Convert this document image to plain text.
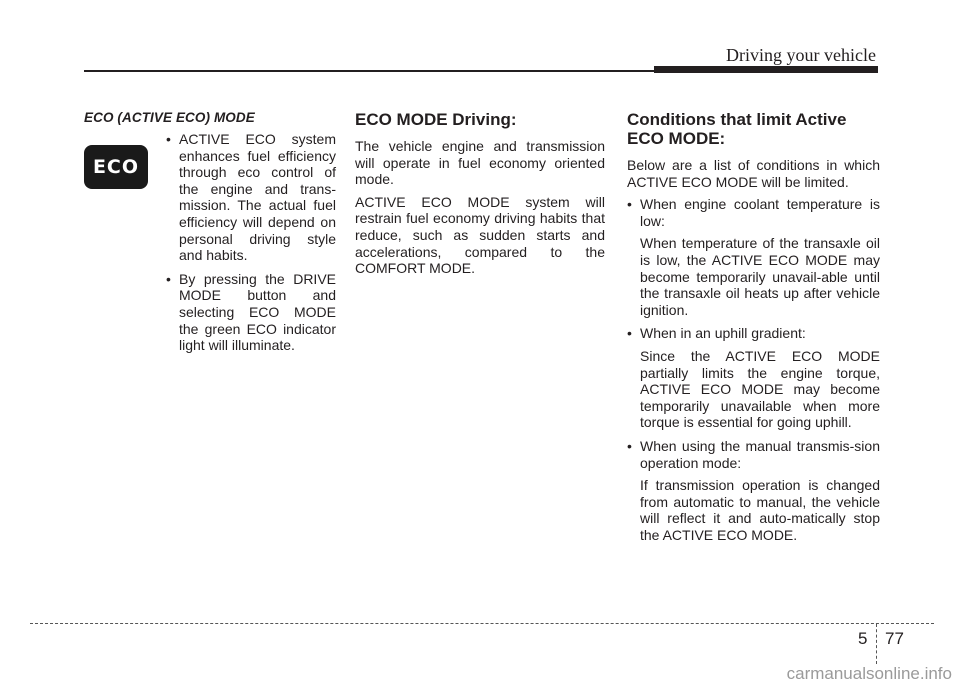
Driving your vehicle
ECO (ACTIVE ECO) MODE
ECO
• ACTIVE ECO system enhances fuel efficiency through eco control of the engine and trans-mission. The actual fuel efficiency will depend on personal driving style and habits.

• By pressing the DRIVE MODE button and selecting ECO MODE the green ECO indicator light will illuminate.

ECO MODE Driving:

The vehicle engine and transmission will operate in fuel economy oriented mode.

ACTIVE ECO MODE system will restrain fuel economy driving habits that reduce, such as sudden starts and accelerations, compared to the COMFORT MODE.

Conditions that limit Active ECO MODE:

Below are a list of conditions in which ACTIVE ECO MODE will be limited.

• When engine coolant temperature is low:

When temperature of the transaxle oil is low, the ACTIVE ECO MODE may become temporarily unavail-able until the transaxle oil heats up after vehicle ignition.

• When in an uphill gradient:

Since the ACTIVE ECO MODE partially limits the engine torque, ACTIVE ECO MODE may become temporarily unavailable when more torque is essential for going uphill.

• When using the manual transmis-sion operation mode:

If transmission operation is changed from automatic to manual, the vehicle will reflect it and auto-matically stop the ACTIVE ECO MODE.

5 77
carmanualsonline.info
